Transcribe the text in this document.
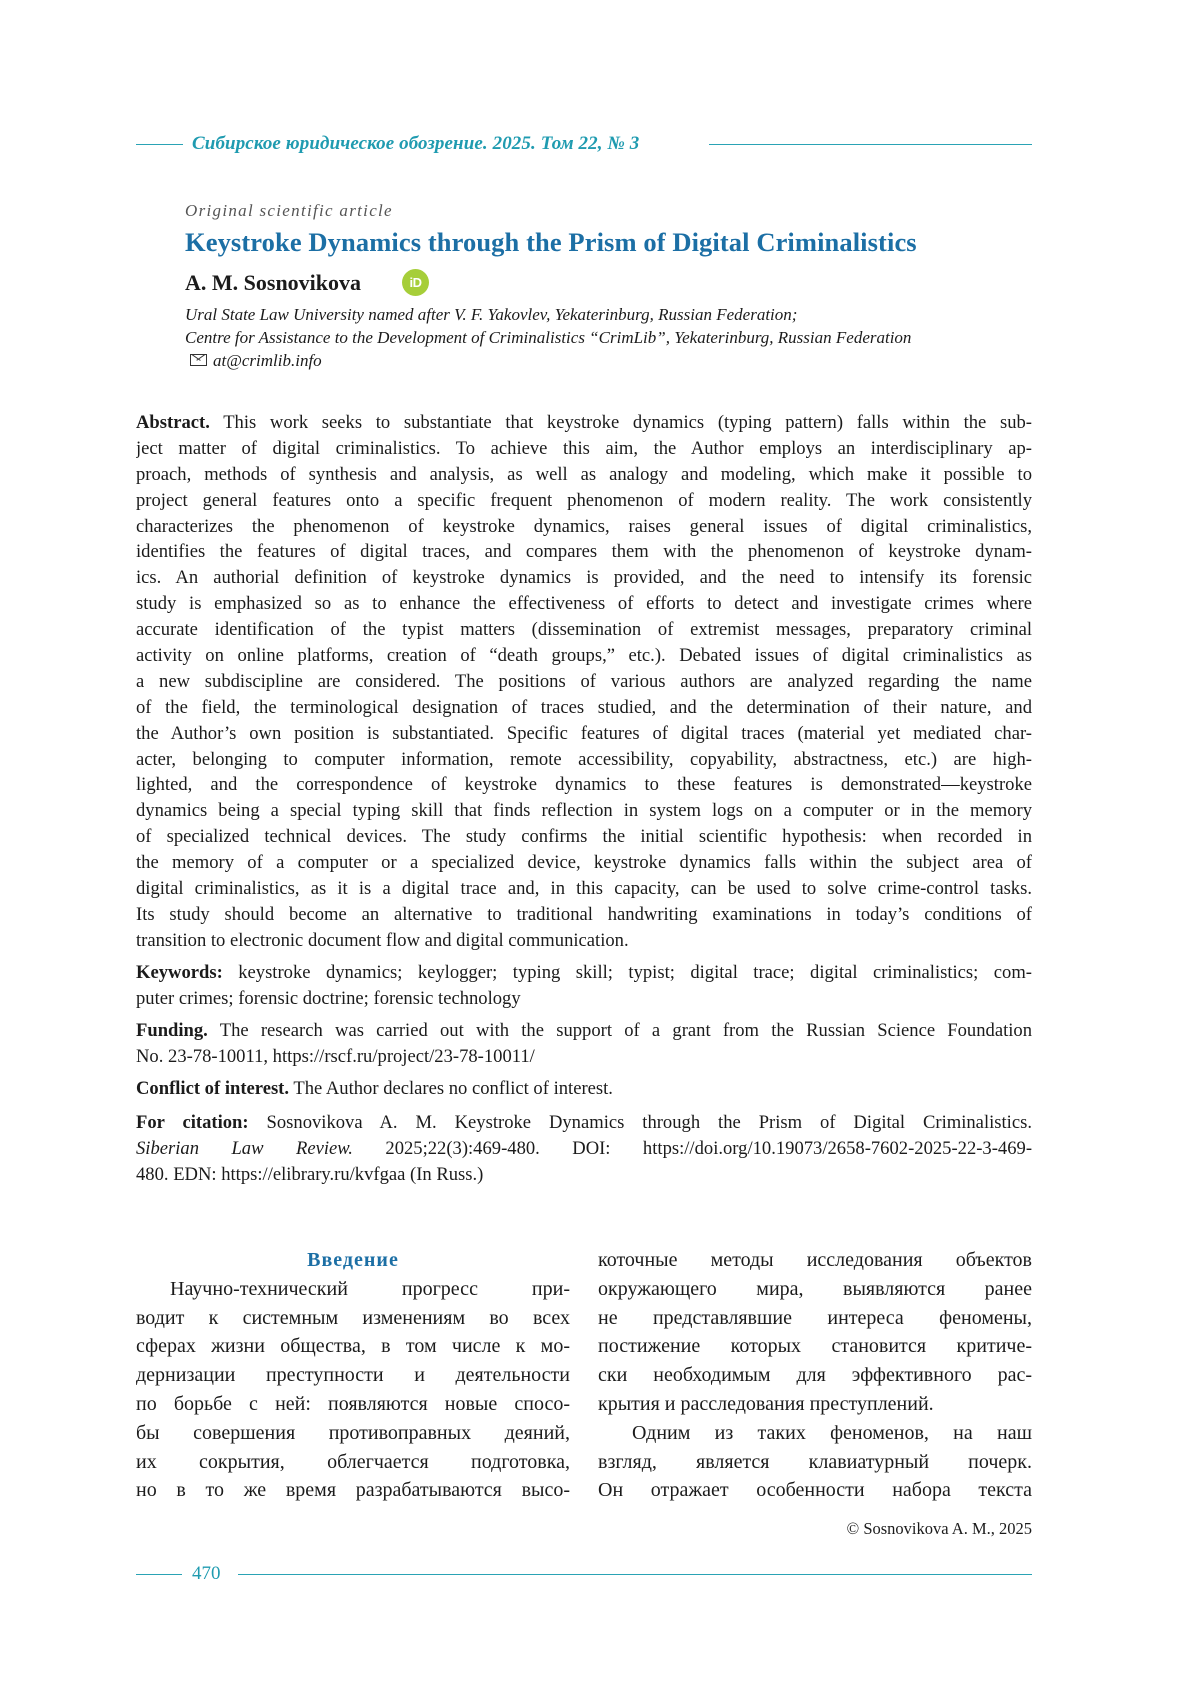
Сибирское юридическое обозрение. 2025. Том 22, № 3
Original scientific article
Keystroke Dynamics through the Prism of Digital Criminalistics
A. M. Sosnovikova	iD
Ural State Law University named after V. F. Yakovlev, Yekaterinburg, Russian Federation;
Centre for Assistance to the Development of Criminalistics “CrimLib”, Yekaterinburg, Russian Federation
at@crimlib.info
Abstract. This work seeks to substantiate that keystroke dynamics (typing pattern) falls within the sub-
ject matter of digital criminalistics. To achieve this aim, the Author employs an interdisciplinary ap-
proach, methods of synthesis and analysis, as well as analogy and modeling, which make it possible to
project general features onto a specific frequent phenomenon of modern reality. The work consistently
characterizes the phenomenon of keystroke dynamics, raises general issues of digital criminalistics,
identifies the features of digital traces, and compares them with the phenomenon of keystroke dynam-
ics. An authorial definition of keystroke dynamics is provided, and the need to intensify its forensic
study is emphasized so as to enhance the effectiveness of efforts to detect and investigate crimes where
accurate identification of the typist matters (dissemination of extremist messages, preparatory criminal
activity on online platforms, creation of “death groups,” etc.). Debated issues of digital criminalistics as
a new subdiscipline are considered. The positions of various authors are analyzed regarding the name
of the field, the terminological designation of traces studied, and the determination of their nature, and
the Author’s own position is substantiated. Specific features of digital traces (material yet mediated char-
acter, belonging to computer information, remote accessibility, copyability, abstractness, etc.) are high-
lighted, and the correspondence of keystroke dynamics to these features is demonstrated—keystroke
dynamics being a special typing skill that finds reflection in system logs on a computer or in the memory
of specialized technical devices. The study confirms the initial scientific hypothesis: when recorded in
the memory of a computer or a specialized device, keystroke dynamics falls within the subject area of
digital criminalistics, as it is a digital trace and, in this capacity, can be used to solve crime-control tasks.
Its study should become an alternative to traditional handwriting examinations in today’s conditions of
transition to electronic document flow and digital communication.
Keywords: keystroke dynamics; keylogger; typing skill; typist; digital trace; digital criminalistics; com-
puter crimes; forensic doctrine; forensic technology
Funding. The research was carried out with the support of a grant from the Russian Science Foundation
No. 23-78-10011, https://rscf.ru/project/23-78-10011/
Conflict of interest. The Author declares no conflict of interest.
For citation: Sosnovikova A. M. Keystroke Dynamics through the Prism of Digital Criminalistics.
Siberian Law Review. 2025;22(3):469-480. DOI: https://doi.org/10.19073/2658-7602-2025-22-3-469-
480. EDN: https://elibrary.ru/kvfgaa (In Russ.)
Введение
Научно-технический прогресс при-
водит к системным изменениям во всех
сферах жизни общества, в том числе к мо-
дернизации преступности и деятельности
по борьбе с ней: появляются новые спосо-
бы совершения противоправных деяний,
их сокрытия, облегчается подготовка,
но в то же время разрабатываются высо-
коточные методы исследования объектов
окружающего мира, выявляются ранее
не представлявшие интереса феномены,
постижение которых становится критиче-
ски необходимым для эффективного рас-
крытия и расследования преступлений.
Одним из таких феноменов, на наш
взгляд, является клавиатурный почерк.
Он отражает особенности набора текста
© Sosnovikova A. M., 2025
470
